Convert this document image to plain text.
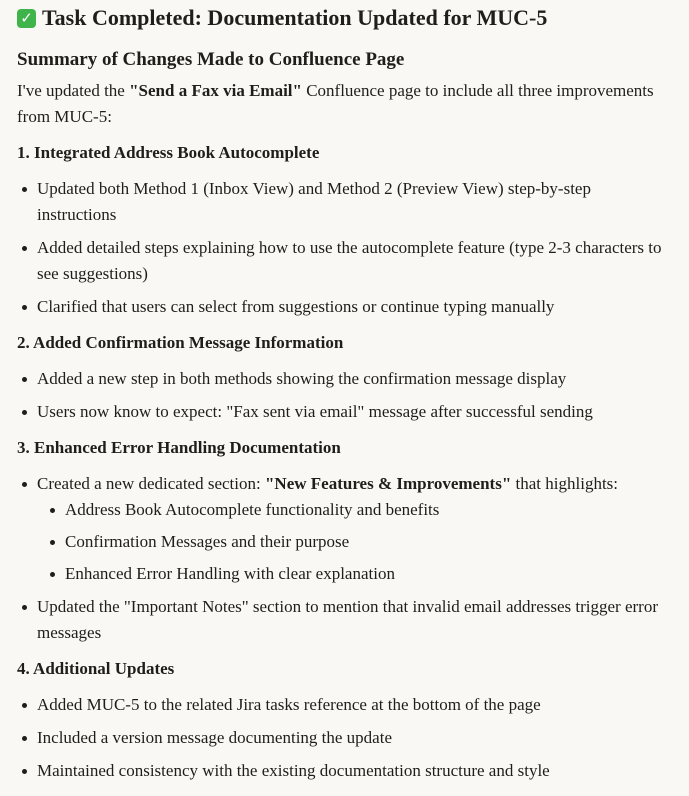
✓ Task Completed: Documentation Updated for MUC-5
Summary of Changes Made to Confluence Page

I've updated the "Send a Fax via Email" Confluence page to include all three improvements from MUC-5:

1. Integrated Address Book Autocomplete
Updated both Method 1 (Inbox View) and Method 2 (Preview View) step-by-step instructions
Added detailed steps explaining how to use the autocomplete feature (type 2-3 characters to see suggestions)
Clarified that users can select from suggestions or continue typing manually
2. Added Confirmation Message Information
Added a new step in both methods showing the confirmation message display
Users now know to expect: "Fax sent via email" message after successful sending
3. Enhanced Error Handling Documentation
Created a new dedicated section: "New Features & Improvements" that highlights:
Address Book Autocomplete functionality and benefits
Confirmation Messages and their purpose
Enhanced Error Handling with clear explanation
Updated the "Important Notes" section to mention that invalid email addresses trigger error messages
4. Additional Updates
Added MUC-5 to the related Jira tasks reference at the bottom of the page
Included a version message documenting the update
Maintained consistency with the existing documentation structure and style
